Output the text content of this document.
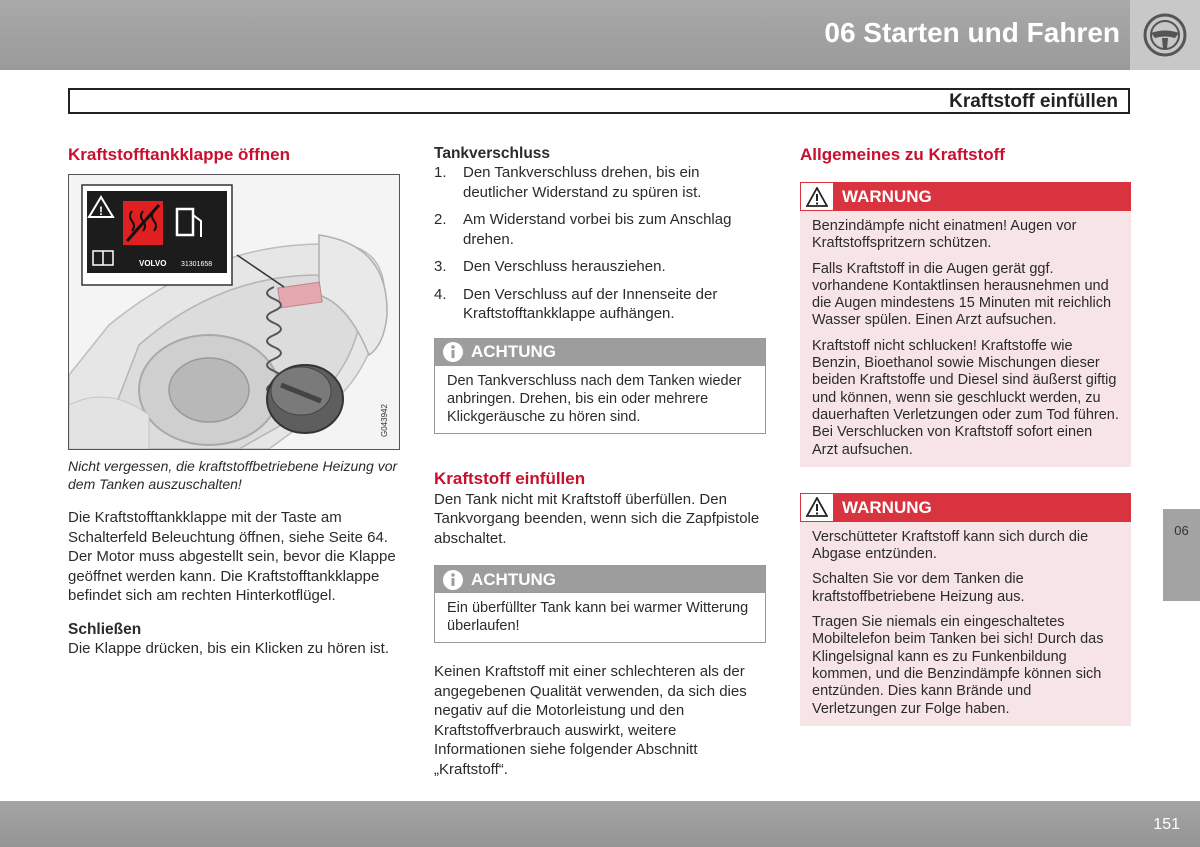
06 Starten und Fahren
Kraftstoff einfüllen
Kraftstofftankklappe öffnen
!
VOLVO 31301658
G043942
Nicht vergessen, die kraftstoffbetriebene Heizung vor dem Tanken auszuschalten!

Die Kraftstofftankklappe mit der Taste am Schalterfeld Beleuchtung öffnen, siehe Seite 64. Der Motor muss abgestellt sein, bevor die Klappe geöffnet werden kann. Die Kraftstofftankklappe befindet sich am rechten Hinterkotflügel.

Schließen

Die Klappe drücken, bis ein Klicken zu hören ist.

Tankverschluss
1.	Den Tankverschluss drehen, bis ein deutlicher Widerstand zu spüren ist.
2.	Am Widerstand vorbei bis zum Anschlag drehen.
3.	Den Verschluss herausziehen.
4.	Den Verschluss auf der Innenseite der Kraftstofftankklappe aufhängen.
ACHTUNG
Den Tankverschluss nach dem Tanken wieder anbringen. Drehen, bis ein oder mehrere Klickgeräusche zu hören sind.
Kraftstoff einfüllen

Den Tank nicht mit Kraftstoff überfüllen. Den Tankvorgang beenden, wenn sich die Zapfpistole abschaltet.

ACHTUNG
Ein überfüllter Tank kann bei warmer Witterung überlaufen!

Keinen Kraftstoff mit einer schlechteren als der angegebenen Qualität verwenden, da sich dies negativ auf die Motorleistung und den Kraftstoffverbrauch auswirkt, weitere Informationen siehe folgender Abschnitt „Kraftstoff“.

Allgemeines zu Kraftstoff
WARNUNG

Benzindämpfe nicht einatmen! Augen vor Kraftstoffspritzern schützen.

Falls Kraftstoff in die Augen gerät ggf. vorhandene Kontaktlinsen herausnehmen und die Augen mindestens 15 Minuten mit reichlich Wasser spülen. Einen Arzt aufsuchen.

Kraftstoff nicht schlucken! Kraftstoffe wie Benzin, Bioethanol sowie Mischungen dieser beiden Kraftstoffe und Diesel sind äußerst giftig und können, wenn sie geschluckt werden, zu dauerhaften Verletzungen oder zum Tod führen. Bei Verschlucken von Kraftstoff sofort einen Arzt aufsuchen.

WARNUNG

Verschütteter Kraftstoff kann sich durch die Abgase entzünden.

Schalten Sie vor dem Tanken die kraftstoffbetriebene Heizung aus.

Tragen Sie niemals ein eingeschaltetes Mobiltelefon beim Tanken bei sich! Durch das Klingelsignal kann es zu Funkenbildung kommen, und die Benzindämpfe können sich entzünden. Dies kann Brände und Verletzungen zur Folge haben.

06
151
